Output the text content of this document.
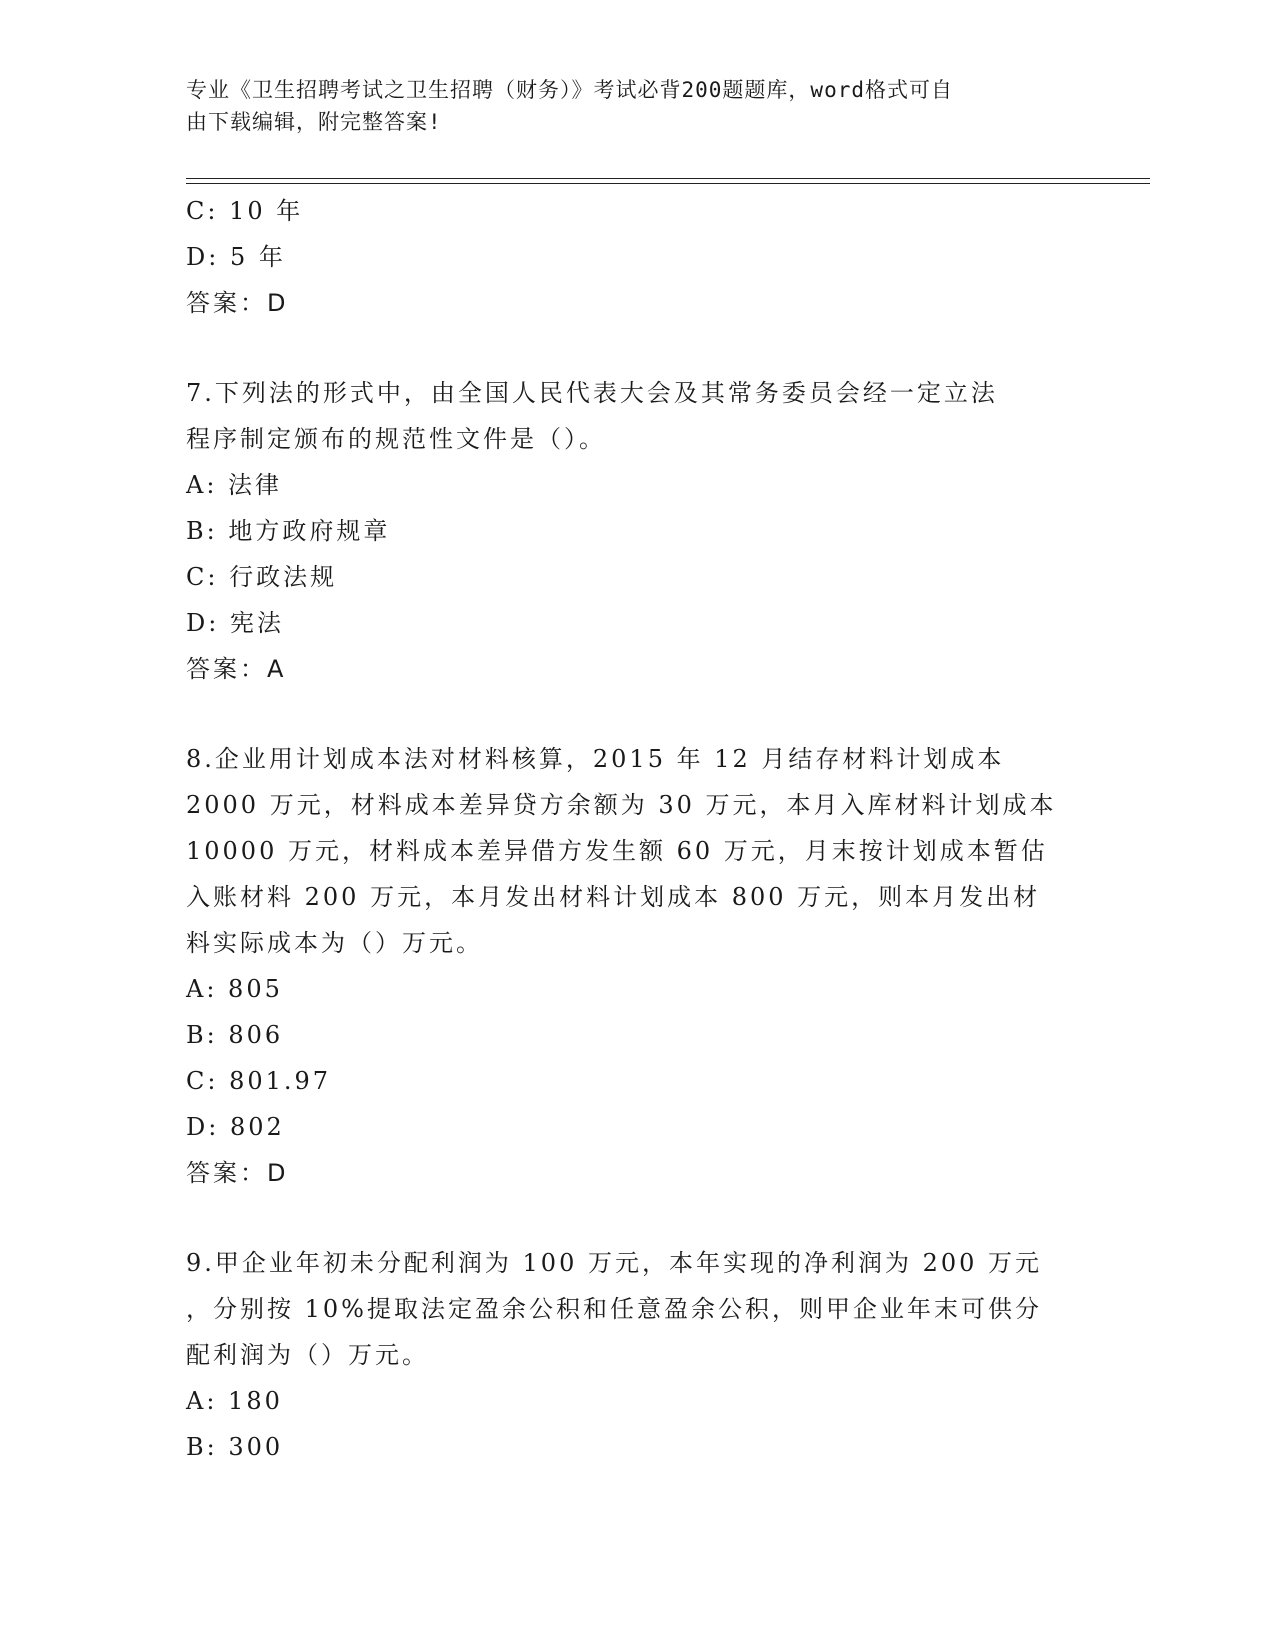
专业《卫生招聘考试之卫生招聘（财务）》考试必背200题题库，word格式可自
由下载编辑，附完整答案!
C: 10 年
D: 5 年
答案：D
7.下列法的形式中，由全国人民代表大会及其常务委员会经一定立法
程序制定颁布的规范性文件是（）。
A: 法律
B: 地方政府规章
C: 行政法规
D: 宪法
答案：A
8.企业用计划成本法对材料核算，2015 年 12 月结存材料计划成本
2000 万元，材料成本差异贷方余额为 30 万元，本月入库材料计划成本
10000 万元，材料成本差异借方发生额 60 万元，月末按计划成本暂估
入账材料 200 万元，本月发出材料计划成本 800 万元，则本月发出材
料实际成本为（）万元。
A: 805
B: 806
C: 801.97
D: 802
答案：D
9.甲企业年初未分配利润为 100 万元，本年实现的净利润为 200 万元
，分别按 10%提取法定盈余公积和任意盈余公积，则甲企业年末可供分
配利润为（）万元。
A: 180
B: 300
